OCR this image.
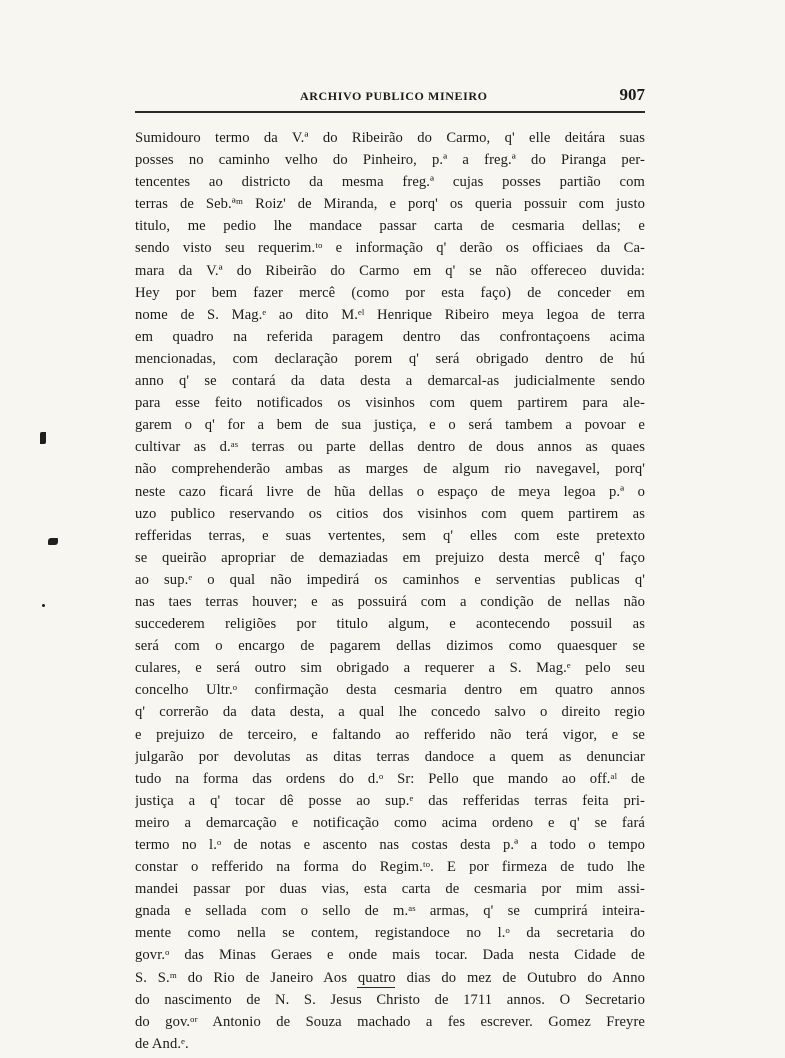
ARCHIVO PUBLICO MINEIRO	907
Sumidouro termo da V.ª do Ribeirão do Carmo, q' elle deitára suas
posses no caminho velho do Pinheiro, p.ª a freg.ª do Piranga per-
tencentes ao districto da mesma freg.ª cujas posses partião com
terras de Seb.ªᵐ Roiz' de Miranda, e porq' os queria possuir com justo
titulo, me pedio lhe mandace passar carta de cesmaria dellas; e
sendo visto seu requerim.ᵗᵒ e informação q' derão os officiaes da Ca-
mara da V.ª do Ribeirão do Carmo em q' se não offereceo duvida:
Hey por bem fazer mercê (como por esta faço) de conceder em
nome de S. Mag.ᵉ ao dito M.ᵉˡ Henrique Ribeiro meya legoa de terra
em quadro na referida paragem dentro das confrontaçoens acima
mencionadas, com declaração porem q' será obrigado dentro de hú
anno q' se contará da data desta a demarcal-as judicialmente sendo
para esse feito notificados os visinhos com quem partirem para ale-
garem o q' for a bem de sua justiça, e o será tambem a povoar e
cultivar as d.ᵃˢ terras ou parte dellas dentro de dous annos as quaes
não comprehenderão ambas as marges de algum rio navegavel, porq'
neste cazo ficará livre de hũa dellas o espaço de meya legoa p.ª o
uzo publico reservando os citios dos visinhos com quem partirem as
refferidas terras, e suas vertentes, sem q' elles com este pretexto
se queirão apropriar de demaziadas em prejuizo desta mercê q' faço
ao sup.ᵉ o qual não impedirá os caminhos e serventias publicas q'
nas taes terras houver; e as possuirá com a condição de nellas não
succederem religiões por titulo algum, e acontecendo possuil as
será com o encargo de pagarem dellas dizimos como quaesquer se
culares, e será outro sim obrigado a requerer a S. Mag.ᵉ pelo seu
concelho Ultr.ᵒ confirmação desta cesmaria dentro em quatro annos
q' correrão da data desta, a qual lhe concedo salvo o direito regio
e prejuizo de terceiro, e faltando ao refferido não terá vigor, e se
julgarão por devolutas as ditas terras dandoce a quem as denunciar
tudo na forma das ordens do d.ᵒ Sr: Pello que mando ao off.ᵃˡ de
justiça a q' tocar dê posse ao sup.ᵉ das refferidas terras feita pri-
meiro a demarcação e notificação como acima ordeno e q' se fará
termo no l.ᵒ de notas e ascento nas costas desta p.ª a todo o tempo
constar o refferido na forma do Regim.ᵗᵒ. E por firmeza de tudo lhe
mandei passar por duas vias, esta carta de cesmaria por mim assi-
gnada e sellada com o sello de m.ᵃˢ armas, q' se cumprirá inteira-
mente como nella se contem, registandoce no l.ᵒ da secretaria do
govr.ᵒ das Minas Geraes e onde mais tocar. Dada nesta Cidade de
S. S.ᵐ do Rio de Janeiro Aos quatro dias do mez de Outubro do Anno
do nascimento de N. S. Jesus Christo de 1711 annos. O Secretario
do gov.ᵒʳ Antonio de Souza machado a fes escrever. Gomez Freyre
de And.ᵉ.
